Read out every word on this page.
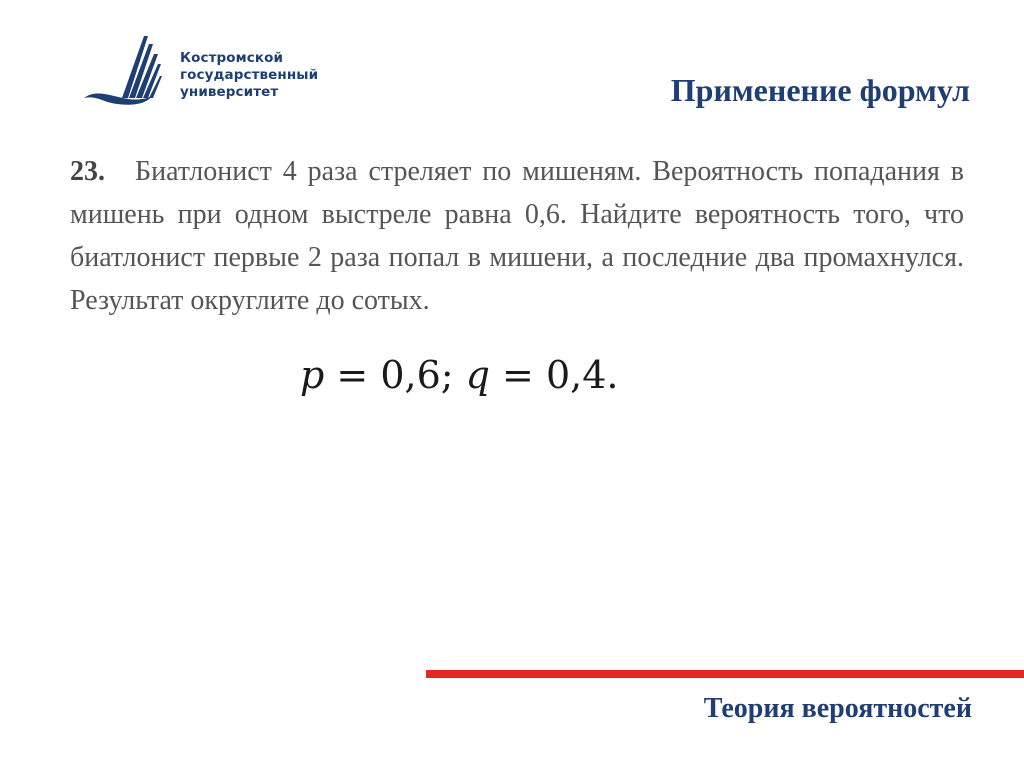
Костромской
государственный
университет	Применение формул

23. Биатлонист 4 раза стреляет по мишеням. Вероятность попадания в мишень при одном выстреле равна 0,6. Найдите вероятность того, что биатлонист первые 2 раза попал в мишени, а последние два промахнулся. Результат округлите до сотых.

p = 0,6; q = 0,4.
Теория вероятностей
